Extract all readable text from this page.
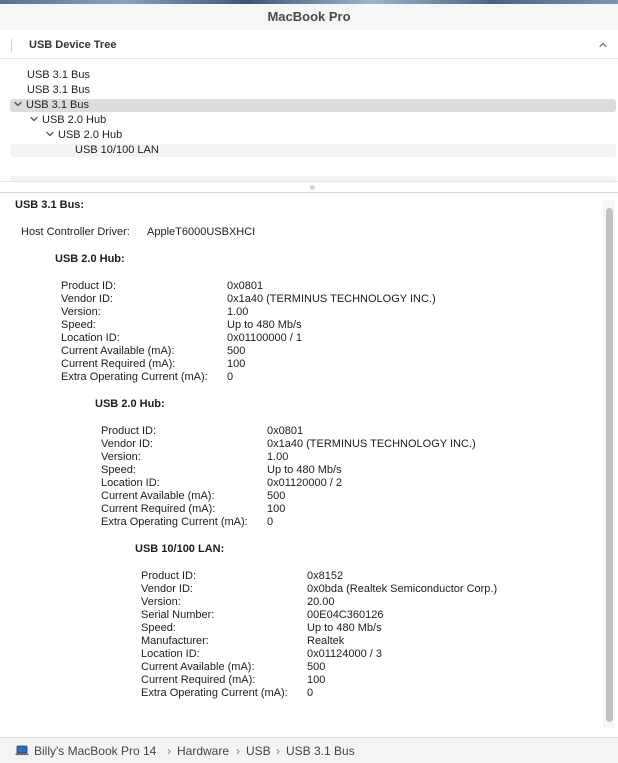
MacBook Pro
USB Device Tree
USB 3.1 Bus
USB 3.1 Bus
USB 3.1 Bus
USB 2.0 Hub
USB 2.0 Hub
USB 10/100 LAN
USB 3.1 Bus:
Host Controller Driver: AppleT6000USBXHCI
USB 2.0 Hub:
Product ID:	0x0801
Vendor ID:	0x1a40 (TERMINUS TECHNOLOGY INC.)
Version:	1.00
Speed:	Up to 480 Mb/s
Location ID:	0x01100000 / 1
Current Available (mA):	500
Current Required (mA):	100
Extra Operating Current (mA): 0
USB 2.0 Hub:
Product ID:	0x0801
Vendor ID:	0x1a40 (TERMINUS TECHNOLOGY INC.)
Version:	1.00
Speed:	Up to 480 Mb/s
Location ID:	0x01120000 / 2
Current Available (mA):	500
Current Required (mA):	100
Extra Operating Current (mA): 0
USB 10/100 LAN:
Product ID:	0x8152
Vendor ID:	0x0bda (Realtek Semiconductor Corp.)
Version:	20.00
Serial Number:	00E04C360126
Speed:	Up to 480 Mb/s
Manufacturer:	Realtek
Location ID:	0x01124000 / 3
Current Available (mA):	500
Current Required (mA):	100
Extra Operating Current (mA): 0
Billy's MacBook Pro 14 › Hardware › USB › USB 3.1 Bus
